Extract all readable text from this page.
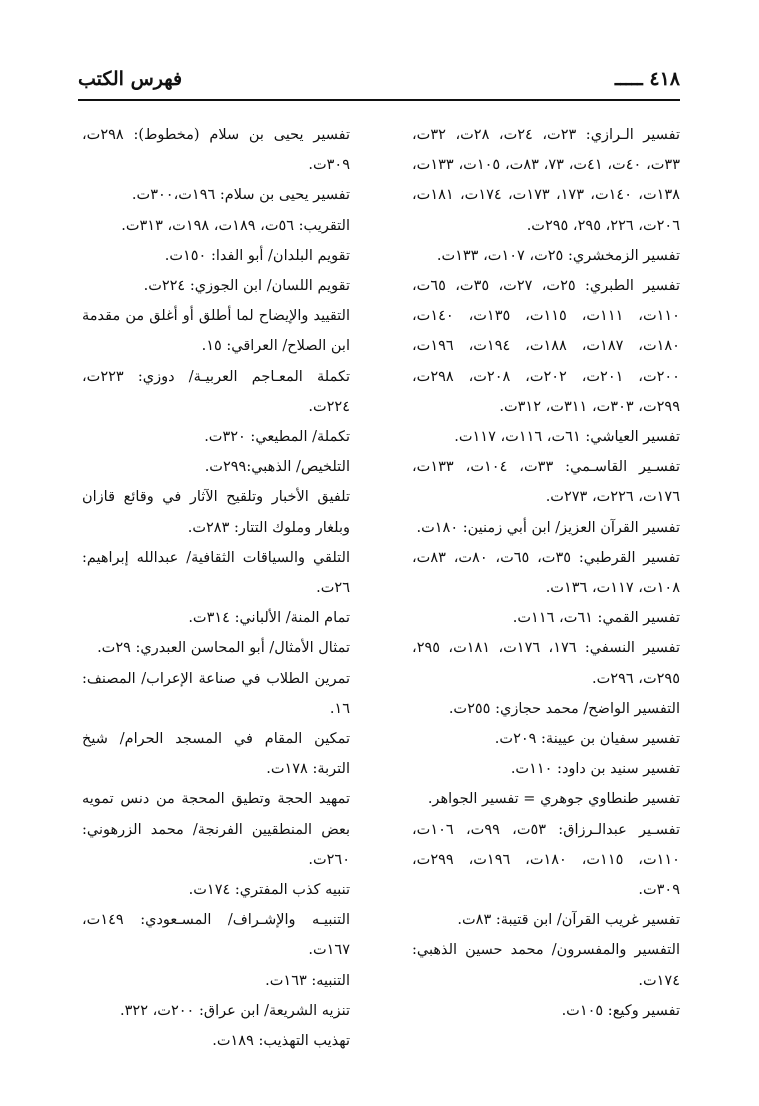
فهرس الكتب	٤١٨ ـــــ

تفسير الـرازي: ٢٣ت، ٢٤ت، ٢٨ت، ٣٢ت، ٣٣ت، ٤٠ت، ٤١ت، ٧٣، ٨٣ت، ١٠٥ت، ١٣٣ت، ١٣٨ت، ١٤٠ت، ١٧٣، ١٧٣ت، ١٧٤ت، ١٨١ت، ٢٠٦ت، ٢٢٦، ٢٩٥، ٢٩٥ت.

تفسير الزمخشري: ٢٥ت، ١٠٧ت، ١٣٣ت.

تفسير الطبري: ٢٥ت، ٢٧ت، ٣٥ت، ٦٥ت، ١١٠ت، ١١١ت، ١١٥ت، ١٣٥ت، ١٤٠ت، ١٨٠ت، ١٨٧ت، ١٨٨ت، ١٩٤ت، ١٩٦ت، ٢٠٠ت، ٢٠١ت، ٢٠٢ت، ٢٠٨ت، ٢٩٨ت، ٢٩٩ت، ٣٠٣ت، ٣١١ت، ٣١٢ت.

تفسير العياشي: ٦١ت، ١١٦ت، ١١٧ت.

تفسـير القاسـمي: ٣٣ت، ١٠٤ت، ١٣٣ت، ١٧٦ت، ٢٢٦ت، ٢٧٣ت.

تفسير القرآن العزيز/ ابن أبي زمنين: ١٨٠ت.

تفسير القرطبي: ٣٥ت، ٦٥ت، ٨٠ت، ٨٣ت، ١٠٨ت، ١١٧ت، ١٣٦ت.

تفسير القمي: ٦١ت، ١١٦ت.

تفسير النسفي: ١٧٦، ١٧٦ت، ١٨١ت، ٢٩٥، ٢٩٥ت، ٢٩٦ت.

التفسير الواضح/ محمد حجازي: ٢٥٥ت.

تفسير سفيان بن عيينة: ٢٠٩ت.

تفسير سنيد بن داود: ١١٠ت.

تفسير طنطاوي جوهري = تفسير الجواهر.

تفسـير عبدالـرزاق: ٥٣ت، ٩٩ت، ١٠٦ت، ١١٠ت، ١١٥ت، ١٨٠ت، ١٩٦ت، ٢٩٩ت، ٣٠٩ت.

تفسير غريب القرآن/ ابن قتيبة: ٨٣ت.

التفسير والمفسرون/ محمد حسين الذهبي: ١٧٤ت.

تفسير وكيع: ١٠٥ت.

تفسير يحيى بن سلام (مخطوط): ٢٩٨ت، ٣٠٩ت.

تفسير يحيى بن سلام: ١٩٦ت،٣٠٠ت.

التقريب: ٥٦ت، ١٨٩ت، ١٩٨ت، ٣١٣ت.

تقويم البلدان/ أبو الفدا: ١٥٠ت.

تقويم اللسان/ ابن الجوزي: ٢٢٤ت.

التقييد والإيضاح لما أطلق أو أغلق من مقدمة ابن الصلاح/ العراقي: ١٥.

تكملة المعـاجم العربيـة/ دوزي: ٢٢٣ت، ٢٢٤ت.

تكملة/ المطيعي: ٣٢٠ت.

التلخيص/ الذهبي:٢٩٩ت.

تلفيق الأخبار وتلقيح الآثار في وقائع قازان وبلغار وملوك التتار: ٢٨٣ت.

التلقي والسياقات الثقافية/ عبدالله إبراهيم: ٢٦ت.

تمام المنة/ الألباني: ٣١٤ت.

تمثال الأمثال/ أبو المحاسن العبدري: ٢٩ت.

تمرين الطلاب في صناعة الإعراب/ المصنف: ١٦.

تمكين المقام في المسجد الحرام/ شيخ التربة: ١٧٨ت.

تمهيد الحجة وتطيق المحجة من دنس تمويه بعض المنطقيين الفرنجة/ محمد الزرهوني: ٢٦٠ت.

تنبيه كذب المفتري: ١٧٤ت.

التنبيـه والإشـراف/ المسـعودي: ١٤٩ت، ١٦٧ت.

التنبيه: ١٦٣ت.

تنزيه الشريعة/ ابن عراق: ٢٠٠ت، ٣٢٢.

تهذيب التهذيب: ١٨٩ت.
